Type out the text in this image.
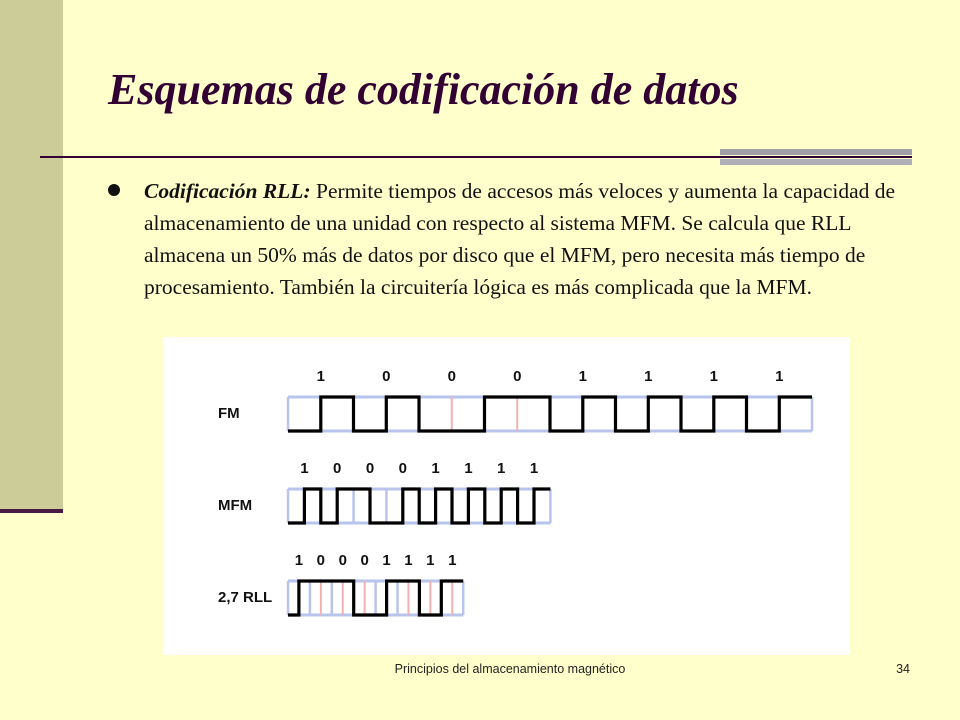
Esquemas de codificación de datos

Codificación RLL: Permite tiempos de accesos más veloces y aumenta la capacidad de almacenamiento de una unidad con respecto al sistema MFM. Se calcula que RLL almacena un 50% más de datos por disco que el MFM, pero necesita más tiempo de procesamiento. También la circuitería lógica es más complicada que la MFM.

FM
1	0	0	0	1	1	1	1
MFM
1 0 0 0 1 1 1 1
2,7 RLL
1 0 0 0 1 1 1 1
Principios del almacenamiento magnético	34
